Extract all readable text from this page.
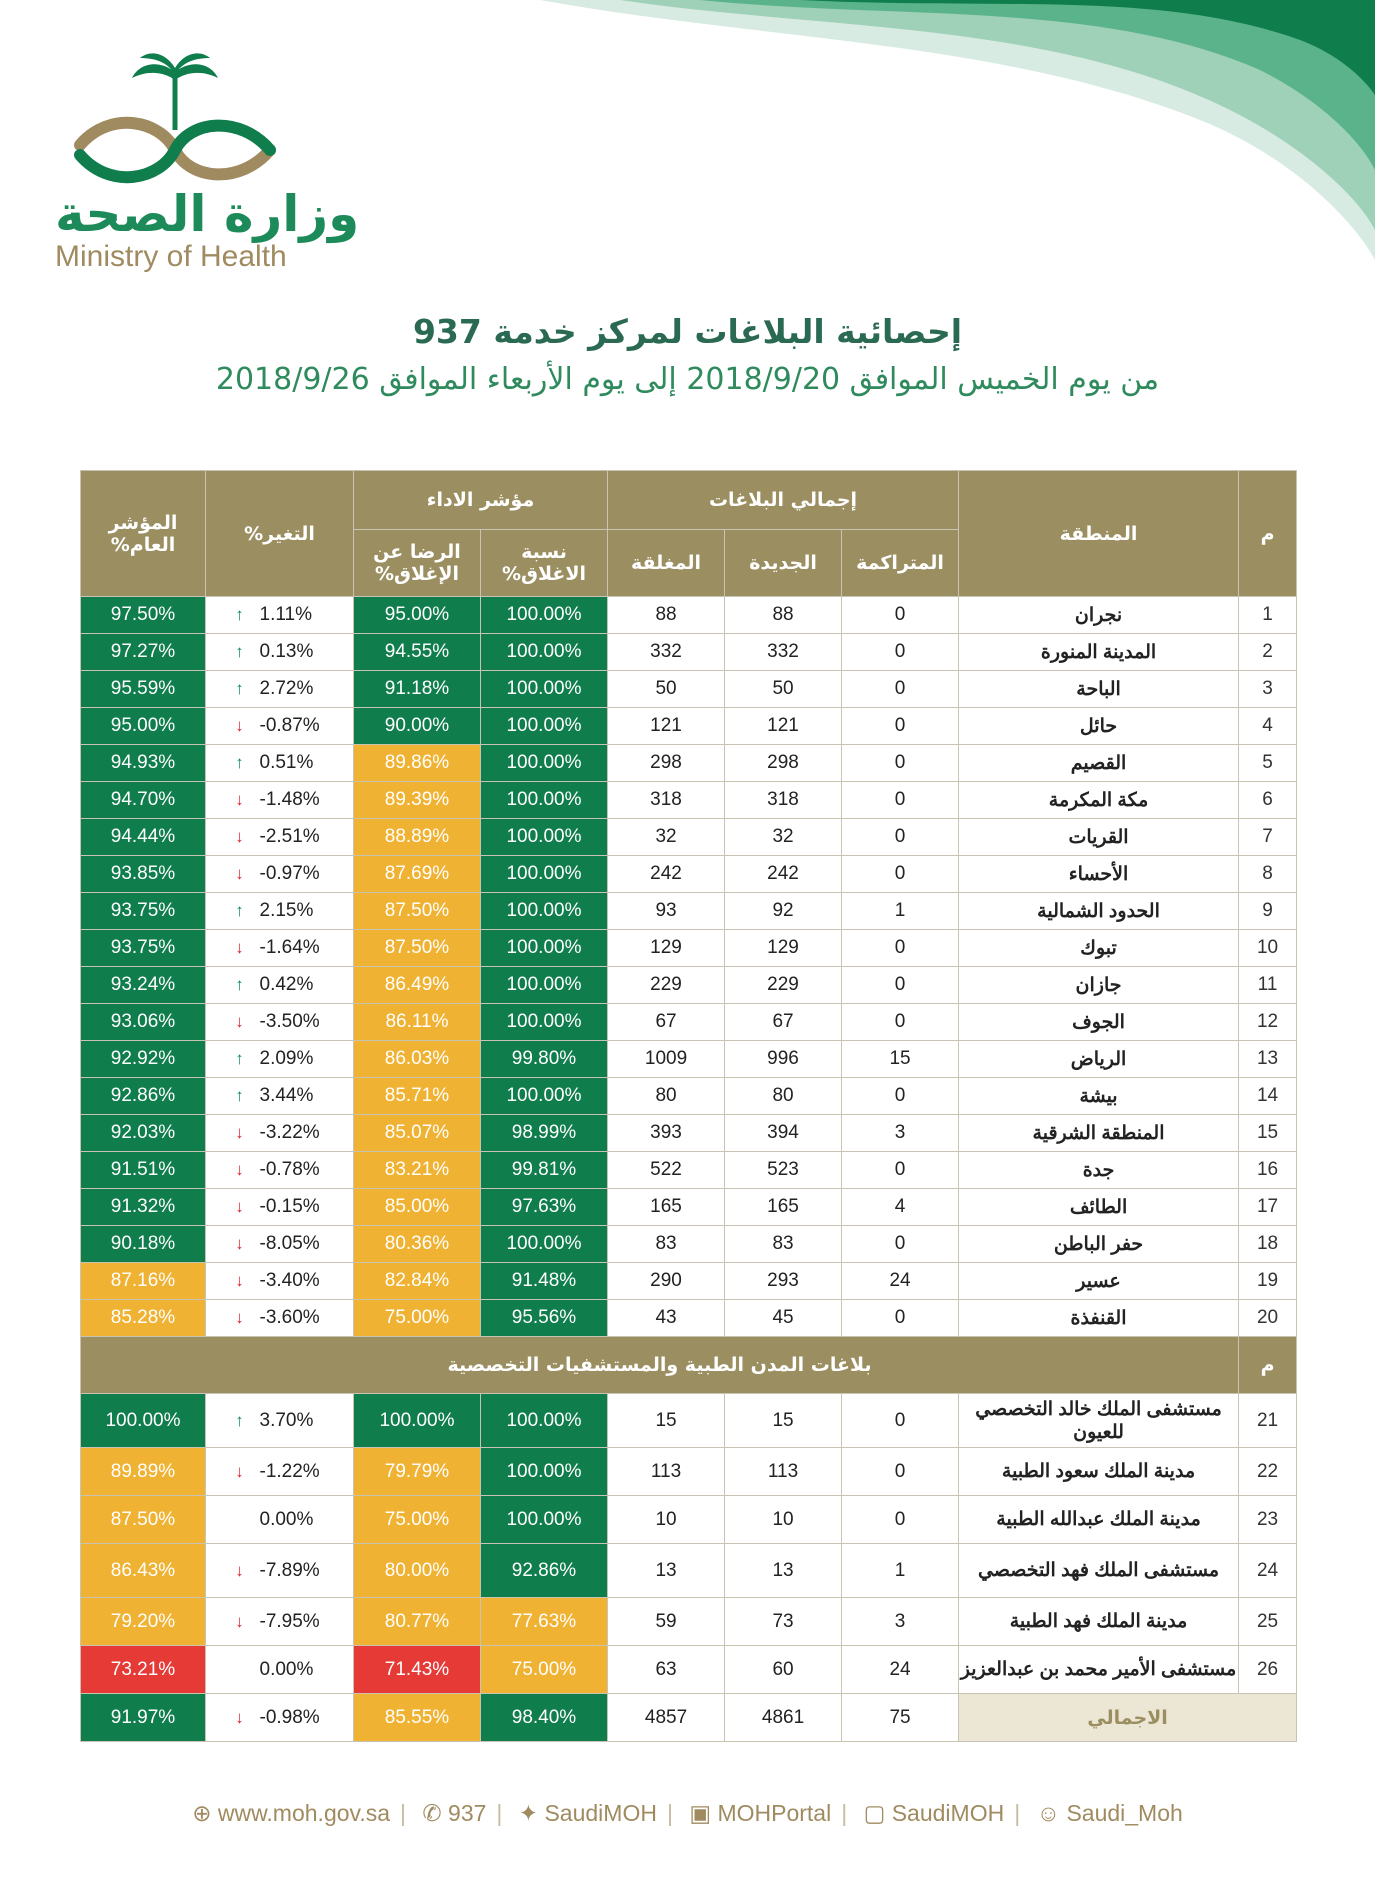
وزارة الصحة
Ministry of Health
إحصائية البلاغات لمركز خدمة 937
من يوم الخميس الموافق 2018/9/20 إلى يوم الأربعاء الموافق 2018/9/26
م	المنطقة	إجمالي البلاغات			مؤشر الاداء		التغير%	المؤشر العام%
		المتراكمة	الجديدة	المغلقة	نسبة الاغلاق%	الرضا عن الإغلاق%		
1	نجران	0	88	88	100.00%	95.00%	1.11%↑	97.50%
2	المدينة المنورة	0	332	332	100.00%	94.55%	0.13%↑	97.27%
3	الباحة	0	50	50	100.00%	91.18%	2.72%↑	95.59%
4	حائل	0	121	121	100.00%	90.00%	-0.87%↓	95.00%
5	القصيم	0	298	298	100.00%	89.86%	0.51%↑	94.93%
6	مكة المكرمة	0	318	318	100.00%	89.39%	-1.48%↓	94.70%
7	القريات	0	32	32	100.00%	88.89%	-2.51%↓	94.44%
8	الأحساء	0	242	242	100.00%	87.69%	-0.97%↓	93.85%
9	الحدود الشمالية	1	92	93	100.00%	87.50%	2.15%↑	93.75%
10	تبوك	0	129	129	100.00%	87.50%	-1.64%↓	93.75%
11	جازان	0	229	229	100.00%	86.49%	0.42%↑	93.24%
12	الجوف	0	67	67	100.00%	86.11%	-3.50%↓	93.06%
13	الرياض	15	996	1009	99.80%	86.03%	2.09%↑	92.92%
14	بيشة	0	80	80	100.00%	85.71%	3.44%↑	92.86%
15	المنطقة الشرقية	3	394	393	98.99%	85.07%	-3.22%↓	92.03%
16	جدة	0	523	522	99.81%	83.21%	-0.78%↓	91.51%
17	الطائف	4	165	165	97.63%	85.00%	-0.15%↓	91.32%
18	حفر الباطن	0	83	83	100.00%	80.36%	-8.05%↓	90.18%
19	عسير	24	293	290	91.48%	82.84%	-3.40%↓	87.16%
20	القنفذة	0	45	43	95.56%	75.00%	-3.60%↓	85.28%
م	بلاغات المدن الطبية والمستشفيات التخصصية							
21	مستشفى الملك خالد التخصصي للعيون	0	15	15	100.00%	100.00%	3.70%↑	100.00%
22	مدينة الملك سعود الطبية	0	113	113	100.00%	79.79%	-1.22%↓	89.89%
23	مدينة الملك عبدالله الطبية	0	10	10	100.00%	75.00%	0.00%	87.50%
24	مستشفى الملك فهد التخصصي	1	13	13	92.86%	80.00%	-7.89%↓	86.43%
25	مدينة الملك فهد الطبية	3	73	59	77.63%	80.77%	-7.95%↓	79.20%
26	مستشفى الأمير محمد بن عبدالعزيز	24	60	63	75.00%	71.43%	0.00%	73.21%
الاجمالي		75	4861	4857	98.40%	85.55%	-0.98%↓	91.97%
⊕ www.moh.gov.sa | ✆ 937 | ✦ SaudiMOH | ▣ MOHPortal | ▢ SaudiMOH | ☺ Saudi_Moh
